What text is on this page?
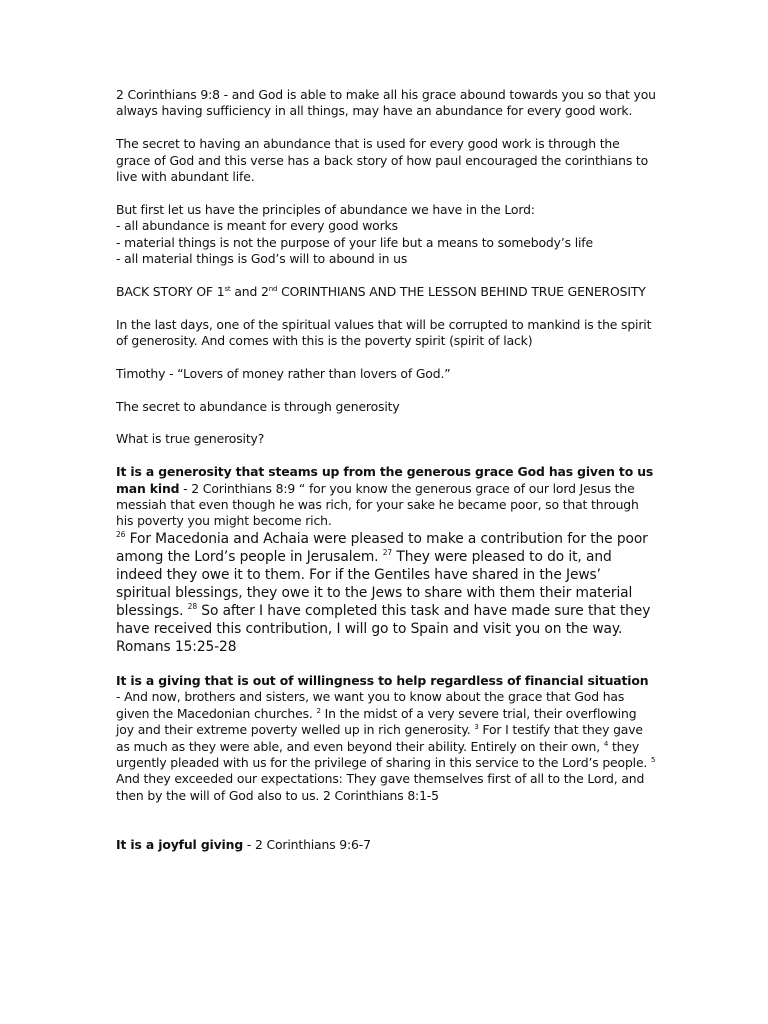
2 Corinthians 9:8 - and God is able to make all his grace abound towards you so that you always having sufficiency in all things, may have an abundance for every good work.

The secret to having an abundance that is used for every good work is through the grace of God and this verse has a back story of how paul encouraged the corinthians to live with abundant life.

But first let us have the principles of abundance we have in the Lord:

- all abundance is meant for every good works

- material things is not the purpose of your life but a means to somebody’s life

- all material things is God’s will to abound in us

BACK STORY OF 1st and 2nd CORINTHIANS AND THE LESSON BEHIND TRUE GENEROSITY

In the last days, one of the spiritual values that will be corrupted to mankind is the spirit of generosity. And comes with this is the poverty spirit (spirit of lack)

Timothy - “Lovers of money rather than lovers of God.”

The secret to abundance is through generosity

What is true generosity?

It is a generosity that steams up from the generous grace God has given to us man kind - 2 Corinthians 8:9 “ for you know the generous grace of our lord Jesus the messiah that even though he was rich, for your sake he became poor, so that through his poverty you might become rich.

$^{26}$ For Macedonia and Achaia were pleased to make a contribution for the poor among the Lord’s people in Jerusalem. $^{27}$ They were pleased to do it, and indeed they owe it to them. For if the Gentiles have shared in the Jews’ spiritual blessings, they owe it to the Jews to share with them their material blessings. $^{28}$ So after I have completed this task and have made sure that they have received this contribution, I will go to Spain and visit you on the way. Romans 15:25-28

It is a giving that is out of willingness to help regardless of financial situation - And now, brothers and sisters, we want you to know about the grace that God has given the Macedonian churches. $^2$ In the midst of a very severe trial, their overflowing joy and their extreme poverty welled up in rich generosity. $^3$ For I testify that they gave as much as they were able, and even beyond their ability. Entirely on their own, $^4$ they urgently pleaded with us for the privilege of sharing in this service to the Lord’s people. $^5$ And they exceeded our expectations: They gave themselves first of all to the Lord, and then by the will of God also to us. 2 Corinthians 8:1-5

It is a joyful giving - 2 Corinthians 9:6-7
